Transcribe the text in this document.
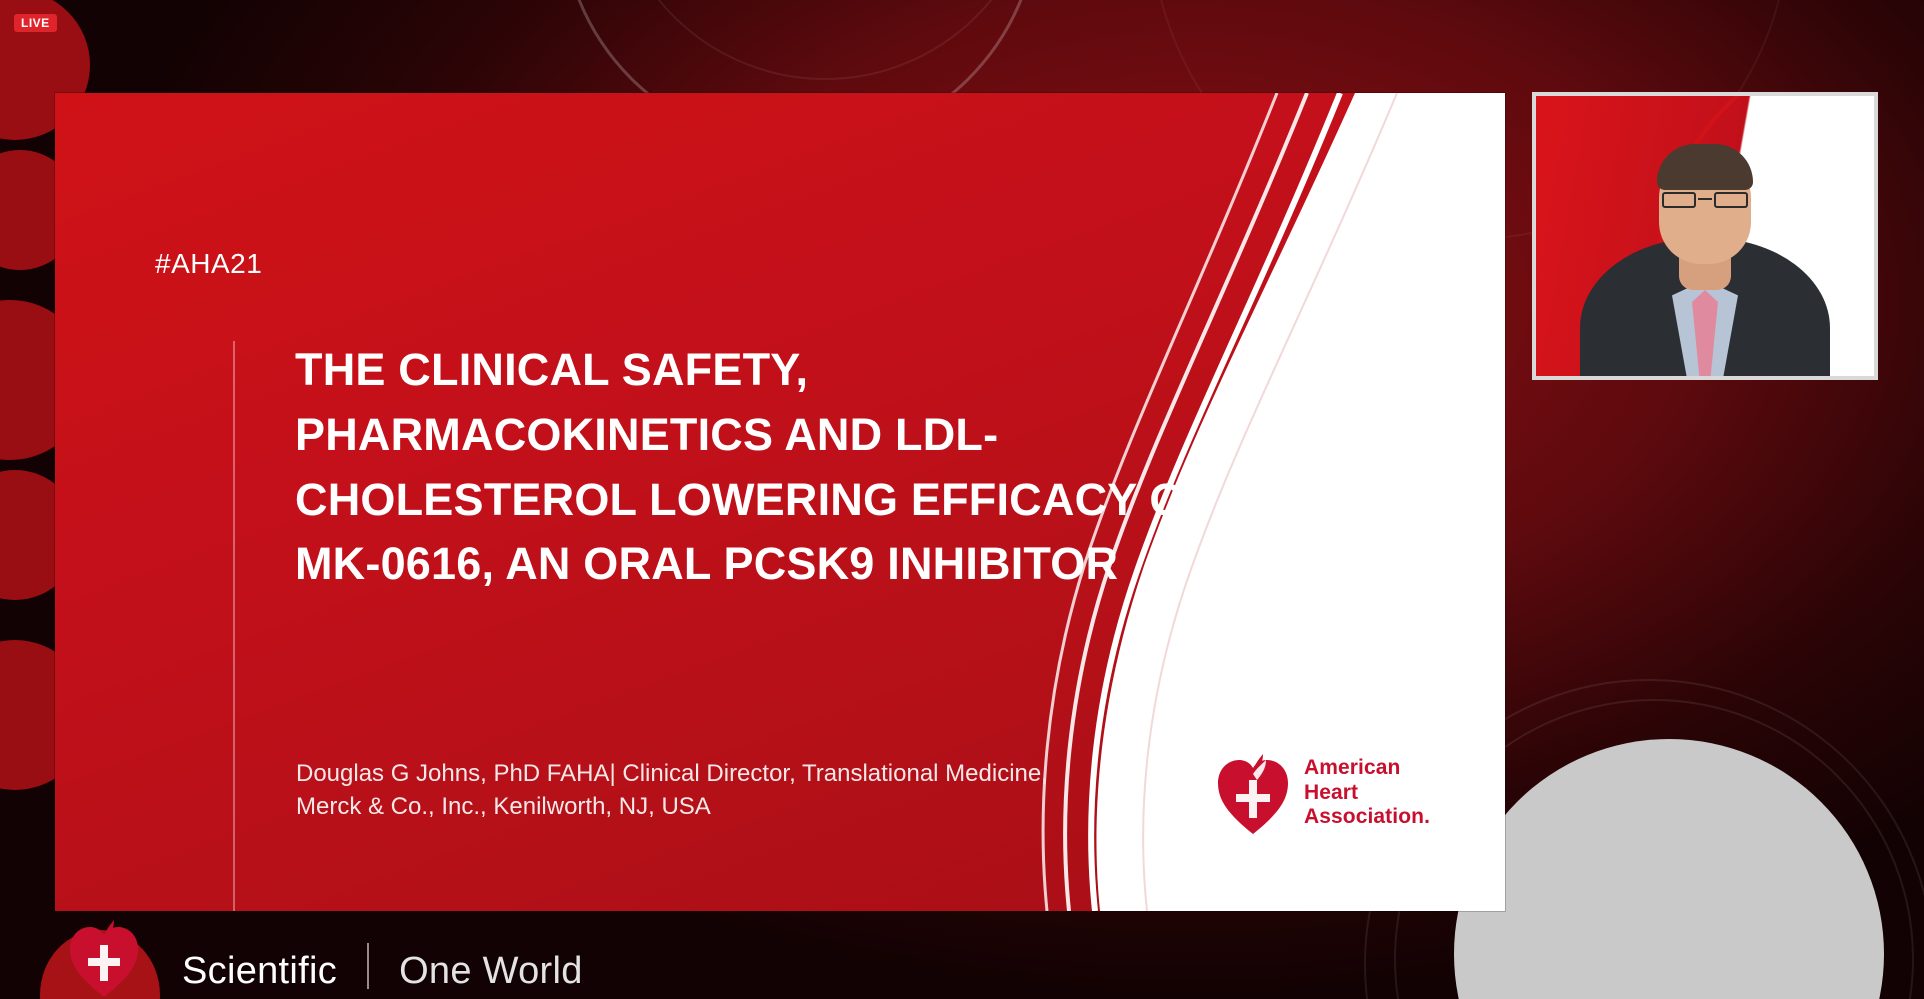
LIVE
#AHA21
THE CLINICAL SAFETY, PHARMACOKINETICS AND LDL-CHOLESTEROL LOWERING EFFICACY OF MK-0616, AN ORAL PCSK9 INHIBITOR
Douglas G Johns, PhD FAHA| Clinical Director, Translational Medicine, Merck & Co., Inc., Kenilworth, NJ, USA
American
Heart
Association.
Scientific One World
